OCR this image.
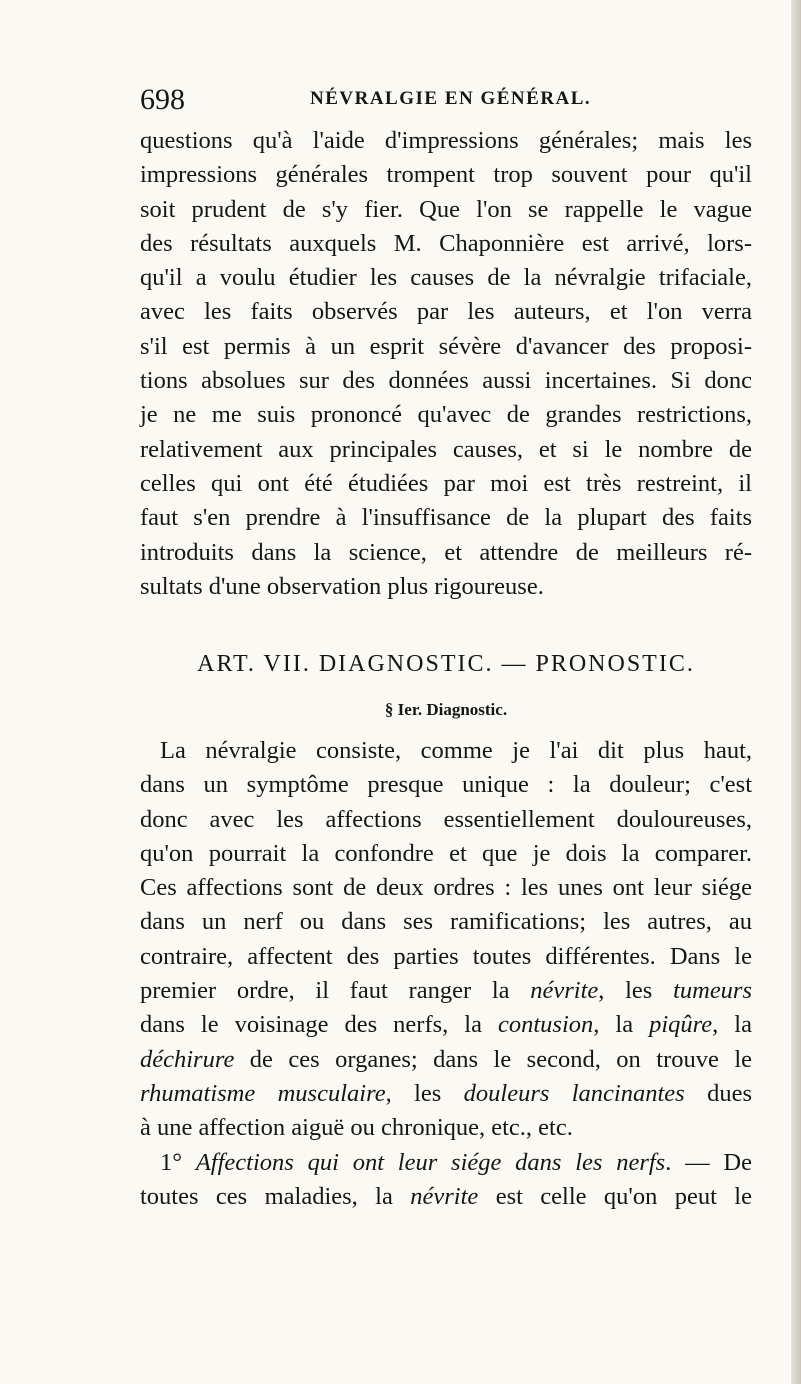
698	NÉVRALGIE EN GÉNÉRAL.
questions qu'à l'aide d'impressions générales; mais les
impressions générales trompent trop souvent pour qu'il
soit prudent de s'y fier. Que l'on se rappelle le vague
des résultats auxquels M. Chaponnière est arrivé, lors-
qu'il a voulu étudier les causes de la névralgie trifaciale,
avec les faits observés par les auteurs, et l'on verra
s'il est permis à un esprit sévère d'avancer des proposi-
tions absolues sur des données aussi incertaines. Si donc
je ne me suis prononcé qu'avec de grandes restrictions,
relativement aux principales causes, et si le nombre de
celles qui ont été étudiées par moi est très restreint, il
faut s'en prendre à l'insuffisance de la plupart des faits
introduits dans la science, et attendre de meilleurs ré-
sultats d'une observation plus rigoureuse.
ART. VII. DIAGNOSTIC. — PRONOSTIC.
§ Ier. Diagnostic.
La névralgie consiste, comme je l'ai dit plus haut,
dans un symptôme presque unique : la douleur; c'est
donc avec les affections essentiellement douloureuses,
qu'on pourrait la confondre et que je dois la comparer.
Ces affections sont de deux ordres : les unes ont leur siége
dans un nerf ou dans ses ramifications; les autres, au
contraire, affectent des parties toutes différentes. Dans le
premier ordre, il faut ranger la névrite, les tumeurs
dans le voisinage des nerfs, la contusion, la piqûre, la
déchirure de ces organes; dans le second, on trouve le
rhumatisme musculaire, les douleurs lancinantes dues
à une affection aiguë ou chronique, etc., etc.
1° Affections qui ont leur siége dans les nerfs. — De
toutes ces maladies, la névrite est celle qu'on peut le
